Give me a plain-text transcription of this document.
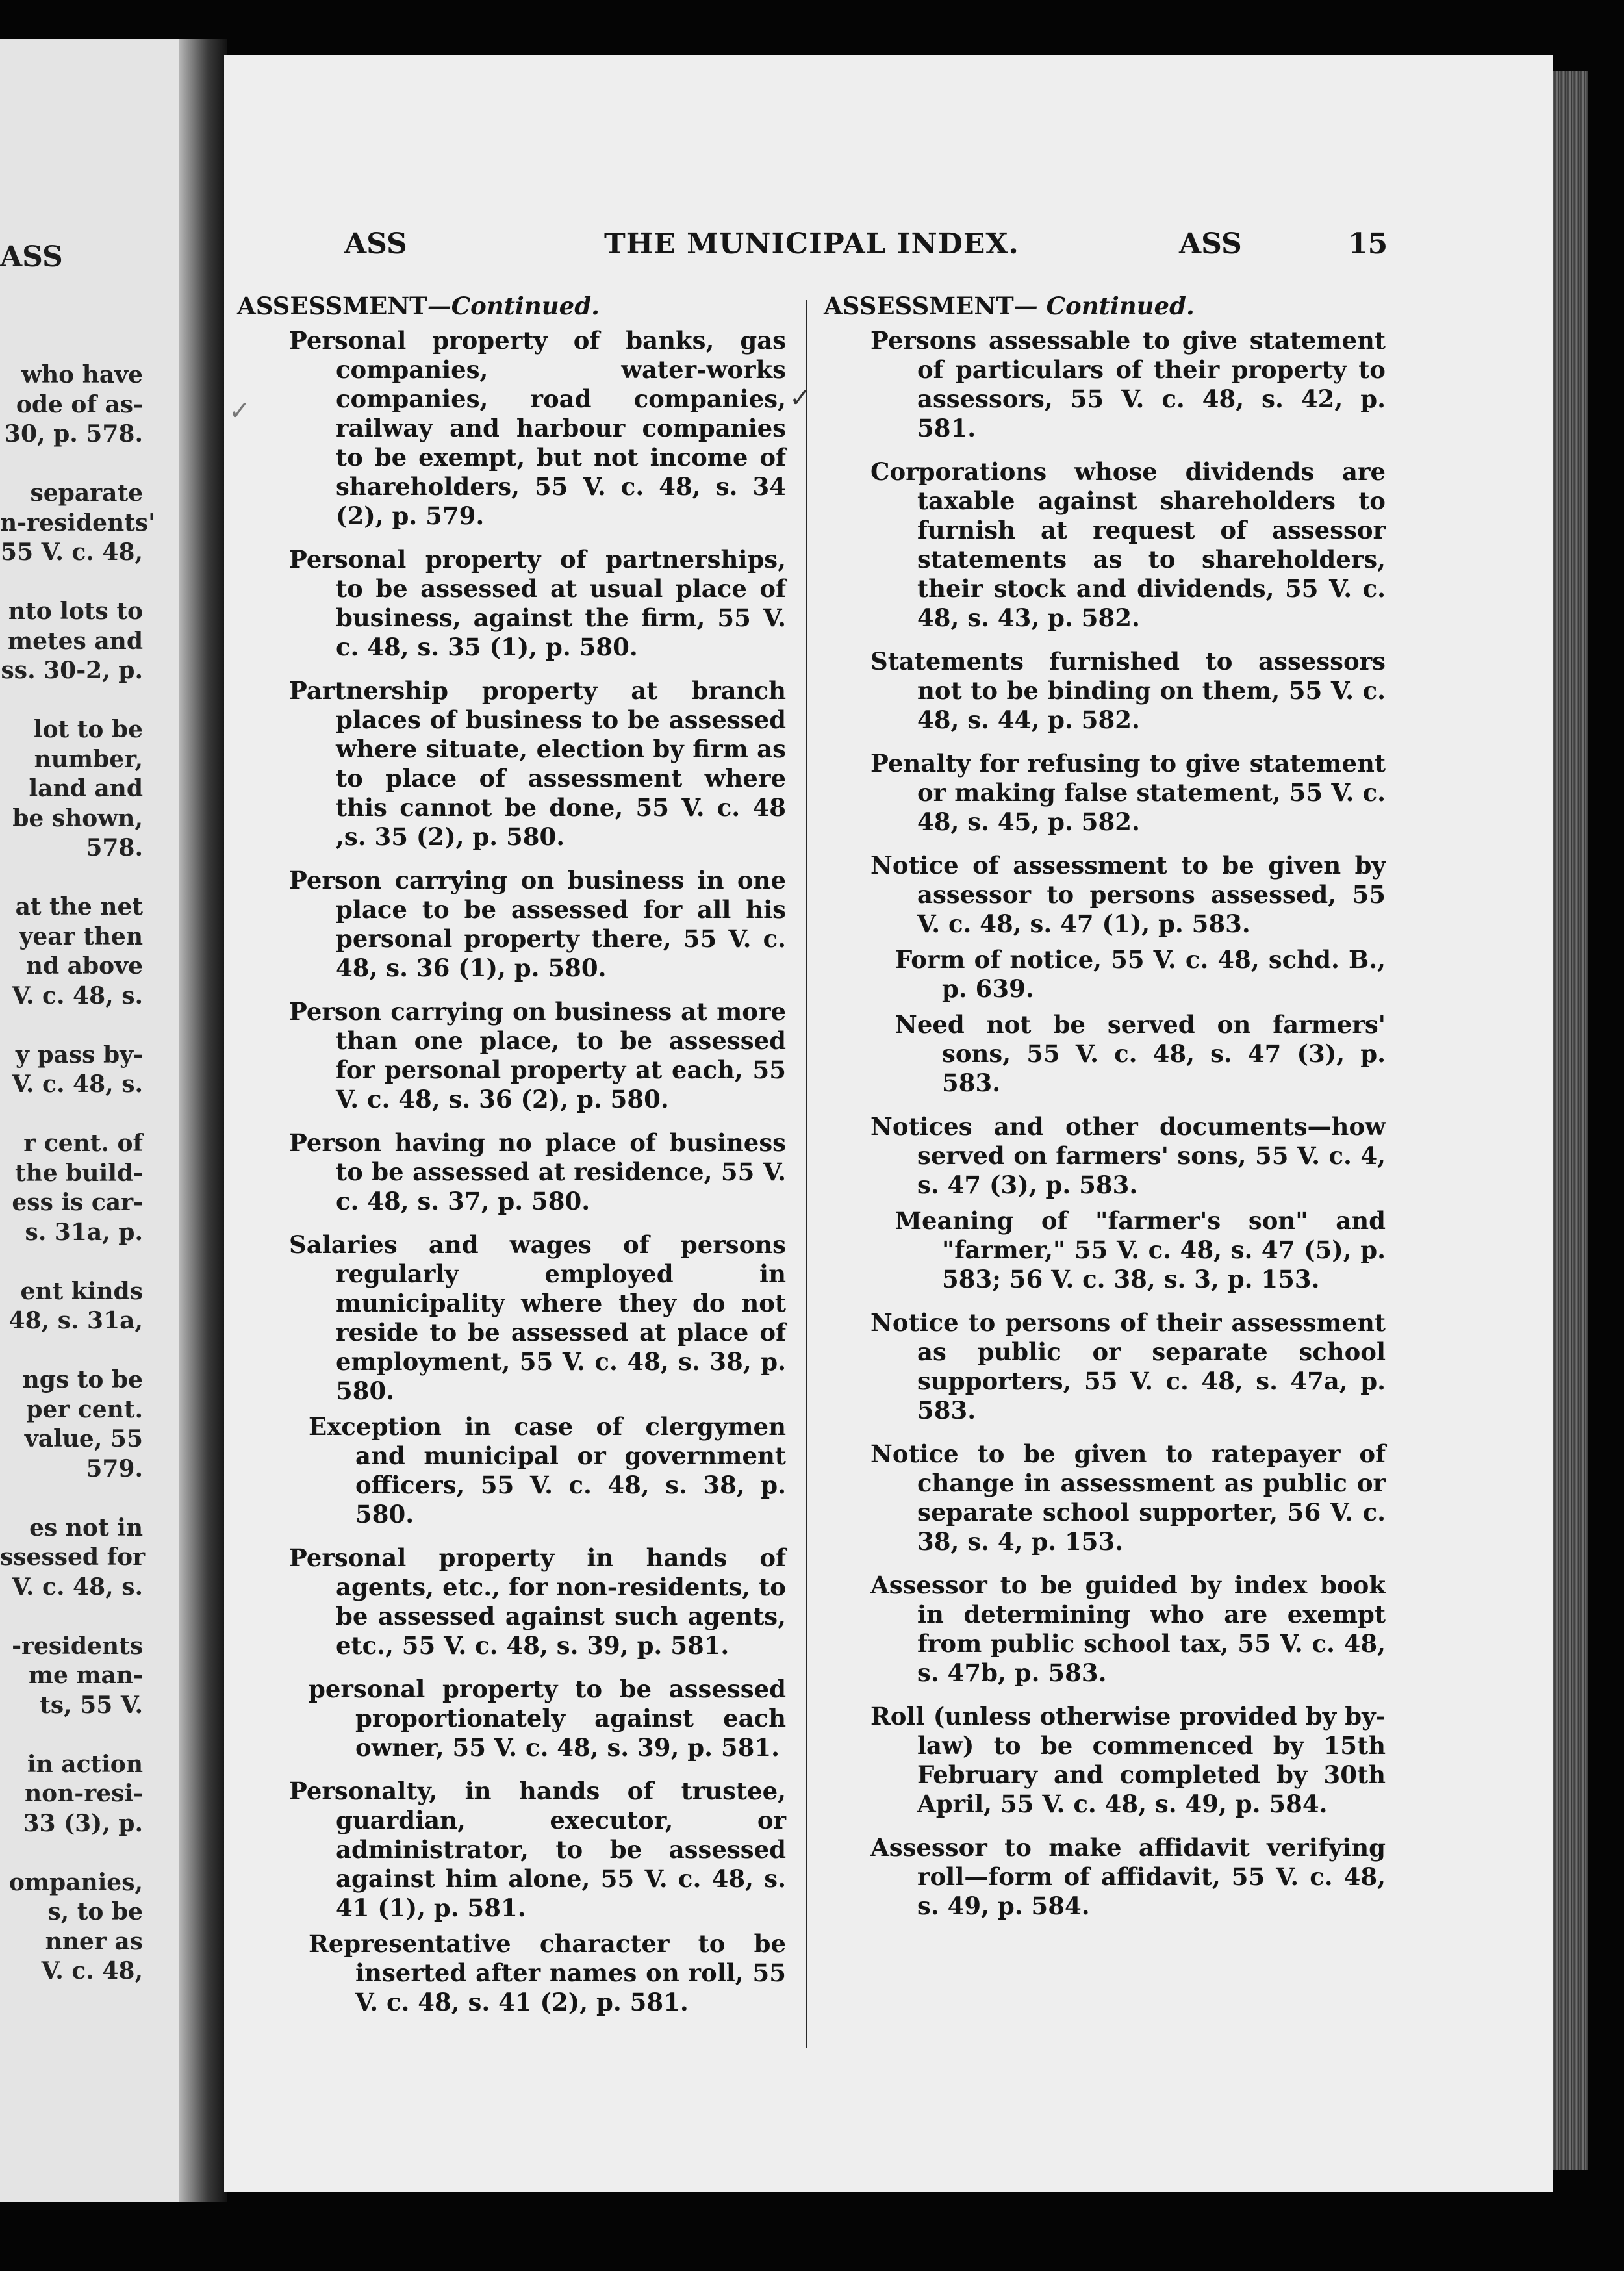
ASS

who have
ode of as-
30, p. 578.
separate
n-residents'
55 V. c. 48,
nto lots to
metes and
ss. 30-2, p.
lot to be
number,
land and
be shown,
578.
at the net
year then
nd above
V. c. 48, s.
y pass by-
V. c. 48, s.
r cent. of
the build-
ess is car-
s. 31a, p.
ent kinds
48, s. 31a,
ngs to be
per cent.
value, 55
579.
es not in
ssessed for
V. c. 48, s.
-residents
me man-
ts, 55 V.
in action
non-resi-
33 (3), p.
ompanies,
s, to be
nner as
V. c. 48,

ASS	THE MUNICIPAL INDEX.	ASS	15

ASSESSMENT—Continued.

Personal property of banks, gas companies, water-works companies, road companies, railway and harbour companies to be exempt, but not income of shareholders, 55 V. c. 48, s. 34 (2), p. 579.

Personal property of partnerships, to be assessed at usual place of business, against the firm, 55 V. c. 48, s. 35 (1), p. 580.

Partnership property at branch places of business to be assessed where situate, election by firm as to place of assessment where this cannot be done, 55 V. c. 48 ,s. 35 (2), p. 580.

Person carrying on business in one place to be assessed for all his personal property there, 55 V. c. 48, s. 36 (1), p. 580.

Person carrying on business at more than one place, to be assessed for personal property at each, 55 V. c. 48, s. 36 (2), p. 580.

Person having no place of business to be assessed at residence, 55 V. c. 48, s. 37, p. 580.

Salaries and wages of persons regularly employed in municipality where they do not reside to be assessed at place of employment, 55 V. c. 48, s. 38, p. 580.

Exception in case of clergymen and municipal or government officers, 55 V. c. 48, s. 38, p. 580.

Personal property in hands of agents, etc., for non-residents, to be assessed against such agents, etc., 55 V. c. 48, s. 39, p. 581.

personal property to be assessed proportionately against each owner, 55 V. c. 48, s. 39, p. 581.

Personalty, in hands of trustee, guardian, executor, or administrator, to be assessed against him alone, 55 V. c. 48, s. 41 (1), p. 581.

Representative character to be inserted after names on roll, 55 V. c. 48, s. 41 (2), p. 581.

ASSESSMENT— Continued.

Persons assessable to give statement of particulars of their property to assessors, 55 V. c. 48, s. 42, p. 581.

Corporations whose dividends are taxable against shareholders to furnish at request of assessor statements as to shareholders, their stock and dividends, 55 V. c. 48, s. 43, p. 582.

Statements furnished to assessors not to be binding on them, 55 V. c. 48, s. 44, p. 582.

Penalty for refusing to give statement or making false statement, 55 V. c. 48, s. 45, p. 582.

Notice of assessment to be given by assessor to persons assessed, 55 V. c. 48, s. 47 (1), p. 583.

Form of notice, 55 V. c. 48, schd. B., p. 639.

Need not be served on farmers' sons, 55 V. c. 48, s. 47 (3), p. 583.

Notices and other documents—how served on farmers' sons, 55 V. c. 4, s. 47 (3), p. 583.

Meaning of "farmer's son" and "farmer," 55 V. c. 48, s. 47 (5), p. 583; 56 V. c. 38, s. 3, p. 153.

Notice to persons of their assessment as public or separate school supporters, 55 V. c. 48, s. 47a, p. 583.

Notice to be given to ratepayer of change in assessment as public or separate school supporter, 56 V. c. 38, s. 4, p. 153.

Assessor to be guided by index book in determining who are exempt from public school tax, 55 V. c. 48, s. 47b, p. 583.

Roll (unless otherwise provided by by-law) to be commenced by 15th February and completed by 30th April, 55 V. c. 48, s. 49, p. 584.

Assessor to make affidavit verifying roll—form of affidavit, 55 V. c. 48, s. 49, p. 584.

✓	✓
